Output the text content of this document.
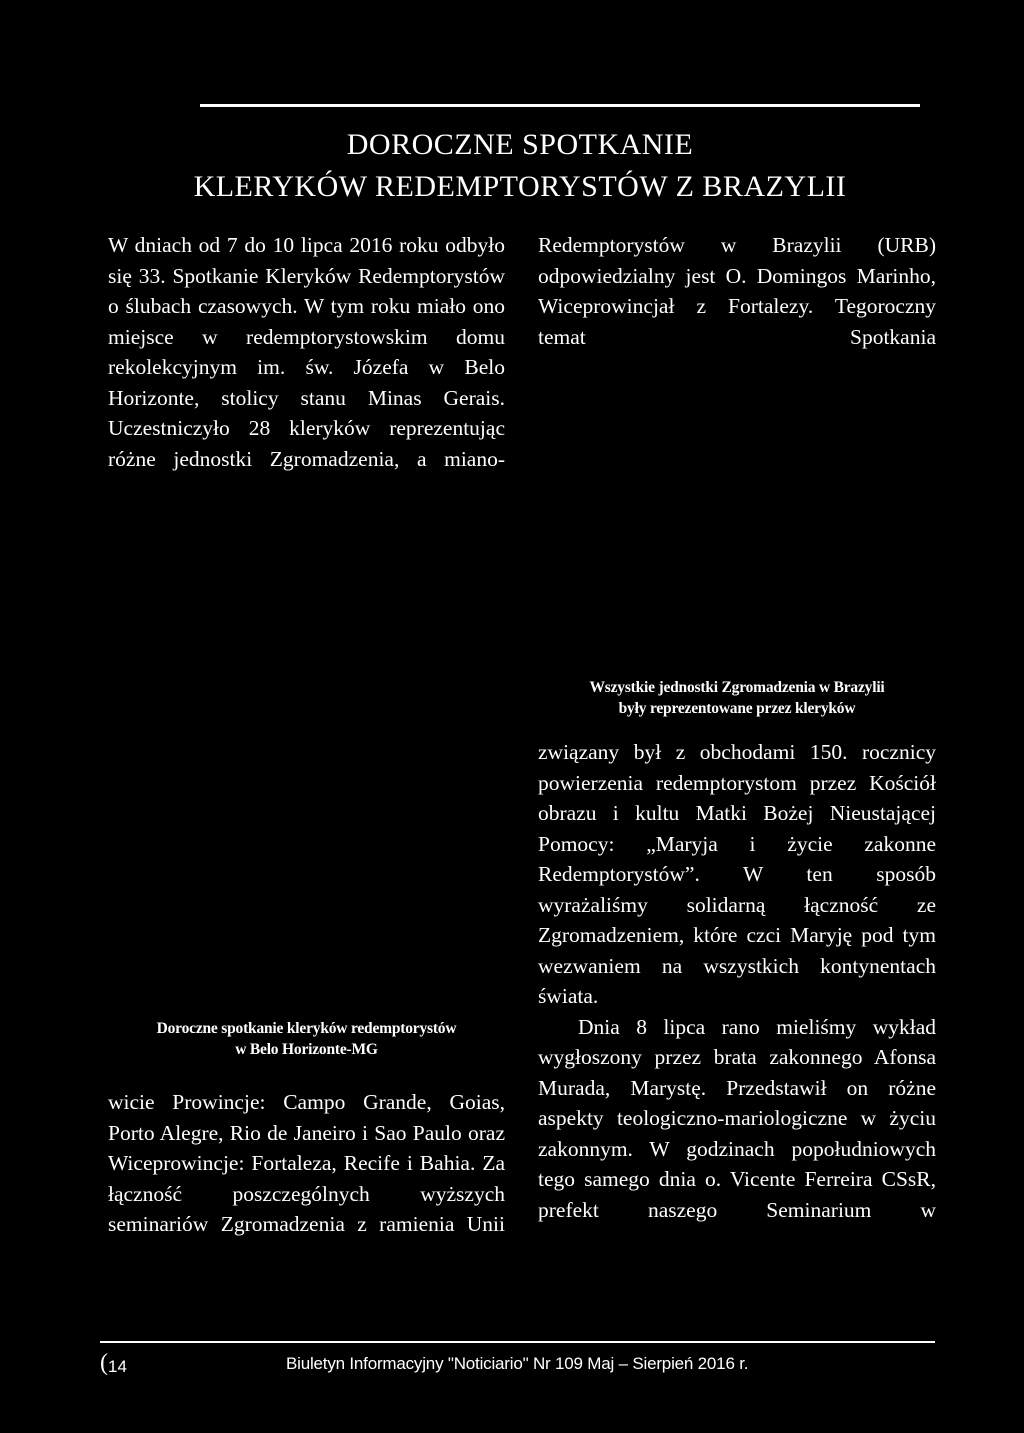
DOROCZNE SPOTKANIE
KLERYKÓW REDEMPTORYSTÓW Z BRAZYLII

W dniach od 7 do 10 lipca 2016 roku odbyło się 33. Spotkanie Kleryków Redemptorystów o ślubach czasowych. W tym roku miało ono miejsce w redemptorystowskim domu rekolekcyjnym im. św. Józefa w Belo Horizonte, stolicy stanu Minas Gerais. Uczestniczyło 28 kleryków reprezentując różne jednostki Zgromadzenia, a miano-

Redemptorystów w Brazylii (URB) odpowiedzialny jest O. Domingos Marinho, Wiceprowincjał z Fortalezy. Tegoroczny temat Spotkania

Wszystkie jednostki Zgromadzenia w Brazylii
były reprezentowane przez kleryków

związany był z obchodami 150. rocznicy powierzenia redemptorystom przez Kościół obrazu i kultu Matki Bożej Nieustającej Pomocy: „Maryja i życie zakonne Redemptorystów”. W ten sposób wyrażaliśmy solidarną łączność ze Zgromadzeniem, które czci Maryję pod tym wezwaniem na wszystkich kontynentach świata.

Dnia 8 lipca rano mieliśmy wykład wygłoszony przez brata zakonnego Afonsa Murada, Marystę. Przedstawił on różne aspekty teologiczno-mariologiczne w życiu zakonnym. W godzinach popołudniowych tego samego dnia o. Vicente Ferreira CSsR, prefekt naszego Seminarium w

Doroczne spotkanie kleryków redemptorystów
w Belo Horizonte-MG

wicie Prowincje: Campo Grande, Goias, Porto Alegre, Rio de Janeiro i Sao Paulo oraz Wiceprowincje: Fortaleza, Recife i Bahia. Za łączność poszczególnych wyższych seminariów Zgromadzenia z ramienia Unii

(14	Biuletyn Informacyjny "Noticiario" Nr 109 Maj – Sierpień 2016 r.
